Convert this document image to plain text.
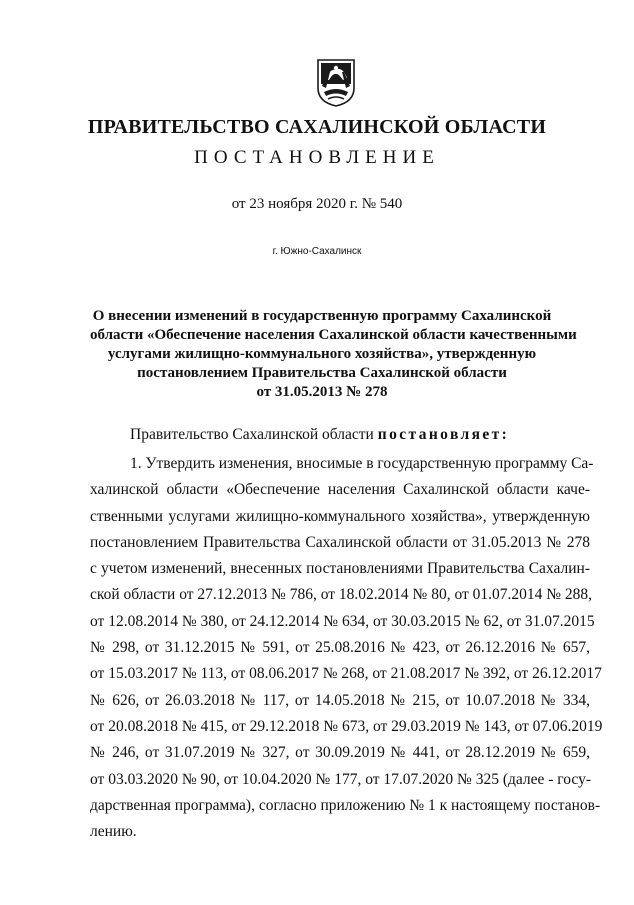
ПРАВИТЕЛЬСТВО САХАЛИНСКОЙ ОБЛАСТИ
ПОСТАНОВЛЕНИЕ
от 23 ноября 2020 г. № 540
г. Южно-Сахалинск
О внесении изменений в государственную программу Сахалинской
области «Обеспечение населения Сахалинской области качественными
услугами жилищно-коммунального хозяйства», утвержденную
постановлением Правительства Сахалинской области
от 31.05.2013 № 278
Правительство Сахалинской области постановляет:
1. Утвердить изменения, вносимые в государственную программу Са-
халинской области «Обеспечение населения Сахалинской области каче-
ственными услугами жилищно-коммунального хозяйства», утвержденную
постановлением Правительства Сахалинской области от 31.05.2013 № 278
с учетом изменений, внесенных постановлениями Правительства Сахалин-
ской области от 27.12.2013 № 786, от 18.02.2014 № 80, от 01.07.2014 № 288,
от 12.08.2014 № 380, от 24.12.2014 № 634, от 30.03.2015 № 62, от 31.07.2015
№ 298, от 31.12.2015 № 591, от 25.08.2016 № 423, от 26.12.2016 № 657,
от 15.03.2017 № 113, от 08.06.2017 № 268, от 21.08.2017 № 392, от 26.12.2017
№ 626, от 26.03.2018 № 117, от 14.05.2018 № 215, от 10.07.2018 № 334,
от 20.08.2018 № 415, от 29.12.2018 № 673, от 29.03.2019 № 143, от 07.06.2019
№ 246, от 31.07.2019 № 327, от 30.09.2019 № 441, от 28.12.2019 № 659,
от 03.03.2020 № 90, от 10.04.2020 № 177, от 17.07.2020 № 325 (далее - госу-
дарственная программа), согласно приложению № 1 к настоящему постанов-
лению.
